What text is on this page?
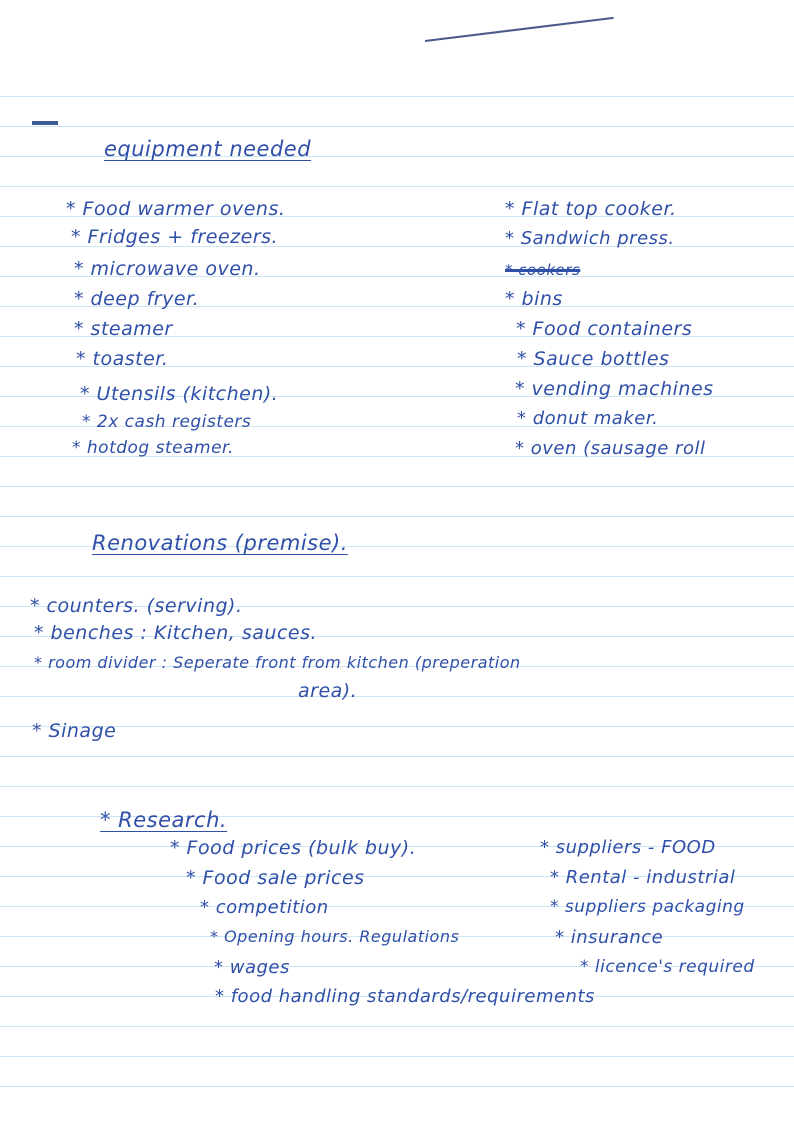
equipment needed
* Food warmer ovens.
* Fridges + freezers.
* microwave oven.
* deep fryer.
* steamer
* toaster.
* Utensils (kitchen).
* 2x cash registers
* hotdog steamer.
* Flat top cooker.
* Sandwich press.
* cookers
* bins
* Food containers
* Sauce bottles
* vending machines
* donut maker.
* oven (sausage roll
Renovations (premise).
* counters. (serving).
* benches : Kitchen, sauces.
* room divider : Seperate front from kitchen (preperation
area).
* Sinage
* Research.
* Food prices (bulk buy).
* Food sale prices
* competition
* Opening hours. Regulations
* wages
* food handling standards/requirements
* suppliers - FOOD
* Rental - industrial
* suppliers packaging
* insurance
* licence's required
